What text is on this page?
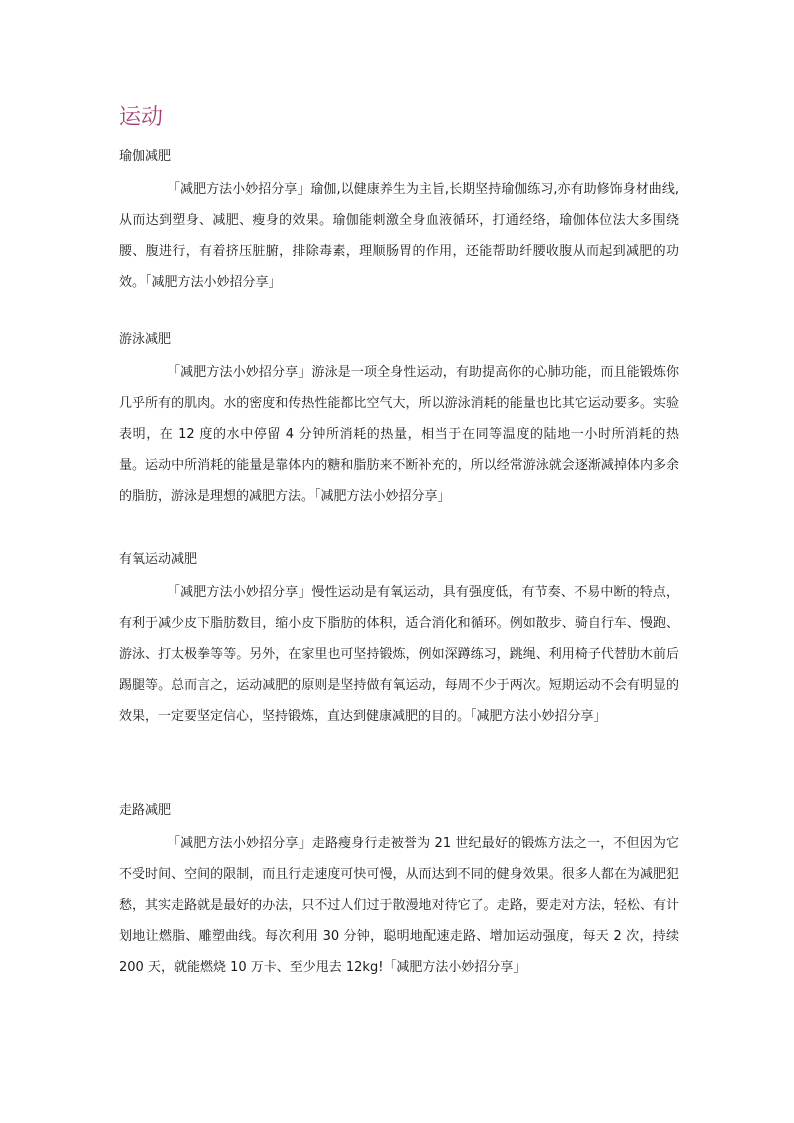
运动
瑜伽减肥

「减肥方法小妙招分享」瑜伽,以健康养生为主旨,长期坚持瑜伽练习,亦有助修饰身材曲线,从而达到塑身、减肥、瘦身的效果。瑜伽能刺激全身血液循环，打通经络，瑜伽体位法大多围绕腰、腹进行，有着挤压脏腑，排除毒素，理顺肠胃的作用，还能帮助纤腰收腹从而起到减肥的功效。「减肥方法小妙招分享」

游泳减肥

「减肥方法小妙招分享」游泳是一项全身性运动，有助提高你的心肺功能，而且能锻炼你几乎所有的肌肉。水的密度和传热性能都比空气大，所以游泳消耗的能量也比其它运动要多。实验表明，在 12 度的水中停留 4 分钟所消耗的热量，相当于在同等温度的陆地一小时所消耗的热量。运动中所消耗的能量是靠体内的糖和脂肪来不断补充的，所以经常游泳就会逐渐减掉体内多余的脂肪，游泳是理想的减肥方法。「减肥方法小妙招分享」

有氧运动减肥

「减肥方法小妙招分享」慢性运动是有氧运动，具有强度低，有节奏、不易中断的特点，有利于减少皮下脂肪数目，缩小皮下脂肪的体积，适合消化和循环。例如散步、骑自行车、慢跑、游泳、打太极拳等等。另外，在家里也可坚持锻炼，例如深蹲练习，跳绳、利用椅子代替肋木前后踢腿等。总而言之，运动减肥的原则是坚持做有氧运动，每周不少于两次。短期运动不会有明显的效果，一定要坚定信心，坚持锻炼，直达到健康减肥的目的。「减肥方法小妙招分享」

走路减肥

「减肥方法小妙招分享」走路瘦身行走被誉为 21 世纪最好的锻炼方法之一，不但因为它不受时间、空间的限制，而且行走速度可快可慢，从而达到不同的健身效果。很多人都在为减肥犯愁，其实走路就是最好的办法，只不过人们过于散漫地对待它了。走路，要走对方法，轻松、有计划地让燃脂、雕塑曲线。每次利用 30 分钟，聪明地配速走路、增加运动强度，每天 2 次，持续 200 天，就能燃烧 10 万卡、至少甩去 12kg!「减肥方法小妙招分享」
